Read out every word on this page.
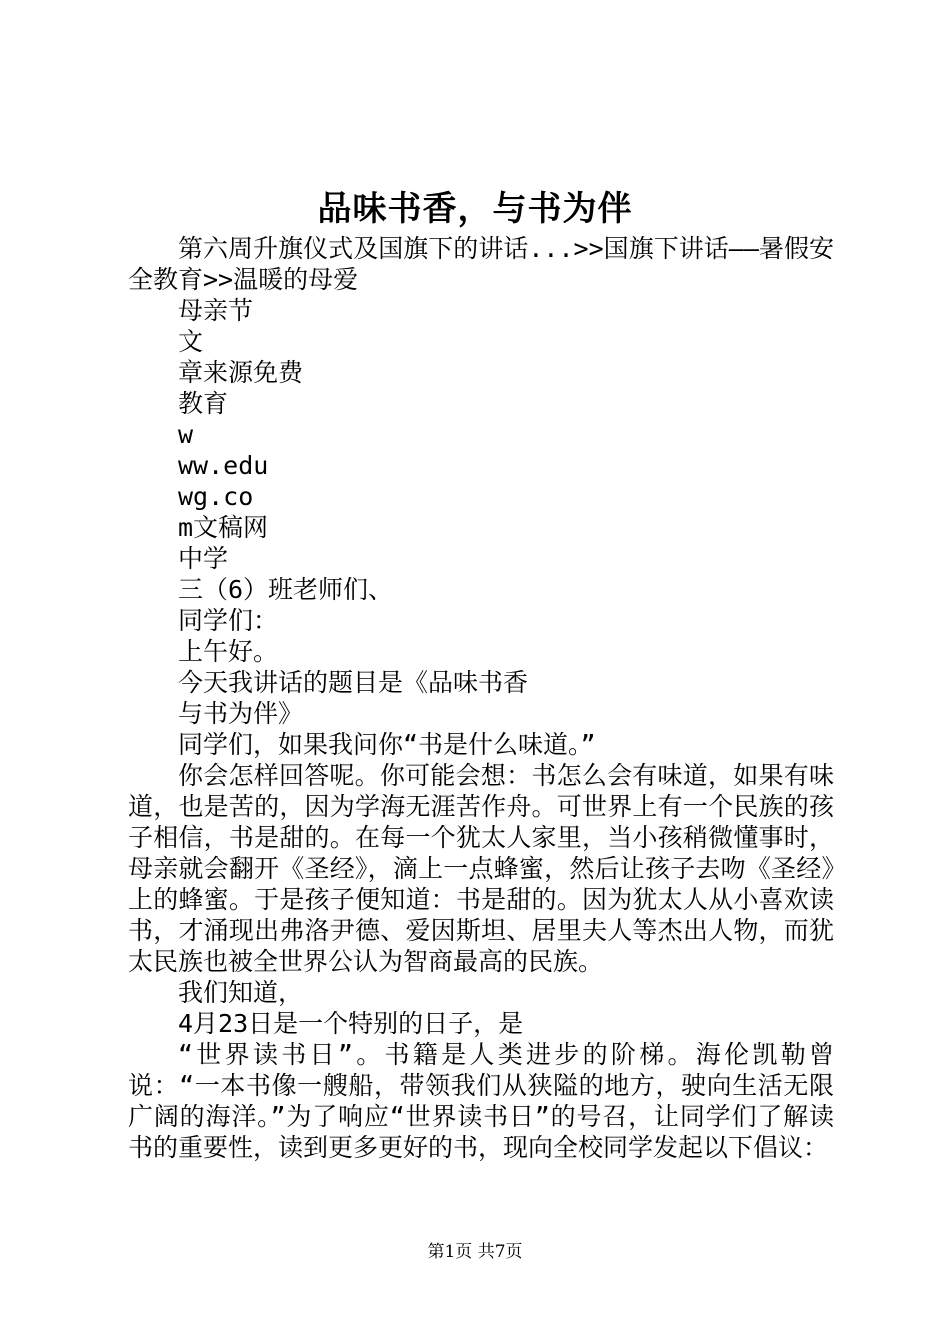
品味书香，与书为伴
第六周升旗仪式及国旗下的讲话...>>国旗下讲话——暑假安全教育>>温暖的母爱
母亲节
文
章来源免费
教育
w
ww.edu
wg.co
m文稿网
中学
三（6）班老师们、
同学们：
上午好。
今天我讲话的题目是《品味书香
与书为伴》
同学们，如果我问你“书是什么味道。”
你会怎样回答呢。你可能会想：书怎么会有味道，如果有味道，也是苦的，因为学海无涯苦作舟。可世界上有一个民族的孩子相信，书是甜的。在每一个犹太人家里，当小孩稍微懂事时，母亲就会翻开《圣经》，滴上一点蜂蜜，然后让孩子去吻《圣经》上的蜂蜜。于是孩子便知道：书是甜的。因为犹太人从小喜欢读书，才涌现出弗洛尹德、爱因斯坦、居里夫人等杰出人物，而犹太民族也被全世界公认为智商最高的民族。
我们知道，
4月23日是一个特别的日子，是
“世界读书日”。书籍是人类进步的阶梯。海伦凯勒曾说：“一本书像一艘船，带领我们从狭隘的地方，驶向生活无限广阔的海洋。”为了响应“世界读书日”的号召，让同学们了解读书的重要性，读到更多更好的书，现向全校同学发起以下倡议：
第1页 共7页
